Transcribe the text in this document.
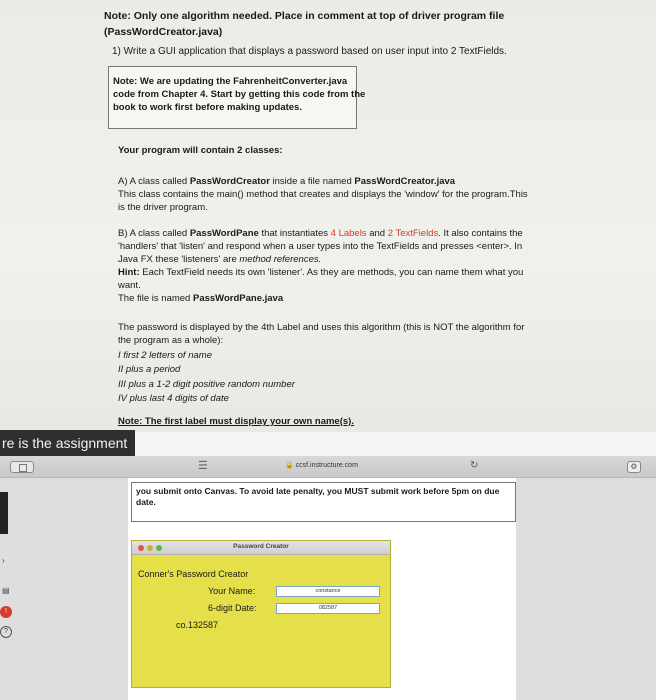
Note: Only one algorithm needed. Place in comment at top of driver program file
(PassWordCreator.java)
1) Write a GUI application that displays a password based on user input into 2 TextFields.
Note: We are updating the FahrenheitConverter.java
code from Chapter 4. Start by getting this code from the
book to work first before making updates.
Your program will contain 2 classes:
A) A class called PassWordCreator inside a file named PassWordCreator.java
This class contains the main() method that creates and displays the 'window' for the program.This
is the driver program.
B) A class called PassWordPane that instantiates 4 Labels and 2 TextFields. It also contains the
'handlers' that 'listen' and respond when a user types into the TextFields and presses <enter>. In
Java FX these 'listeners' are method references.
Hint: Each TextField needs its own 'listener'. As they are methods, you can name them what you
want.
The file is named PassWordPane.java
The password is displayed by the 4th Label and uses this algorithm (this is NOT the algorithm for
the program as a whole):
I first 2 letters of name
II plus a period
III plus a 1-2 digit positive random number
IV plus last 4 digits of date
Note: The first label must display your own name(s).
re is the assignment
☰	🔒 ccsf.instructure.com	↻	⚙
›
▤
!
?
you submit onto Canvas. To avoid late penalty, you MUST submit work before 5pm on due
date.
Password Creator
Conner's Password Creator
Your Name:	constance
6-digit Date:	082587
co.132587
